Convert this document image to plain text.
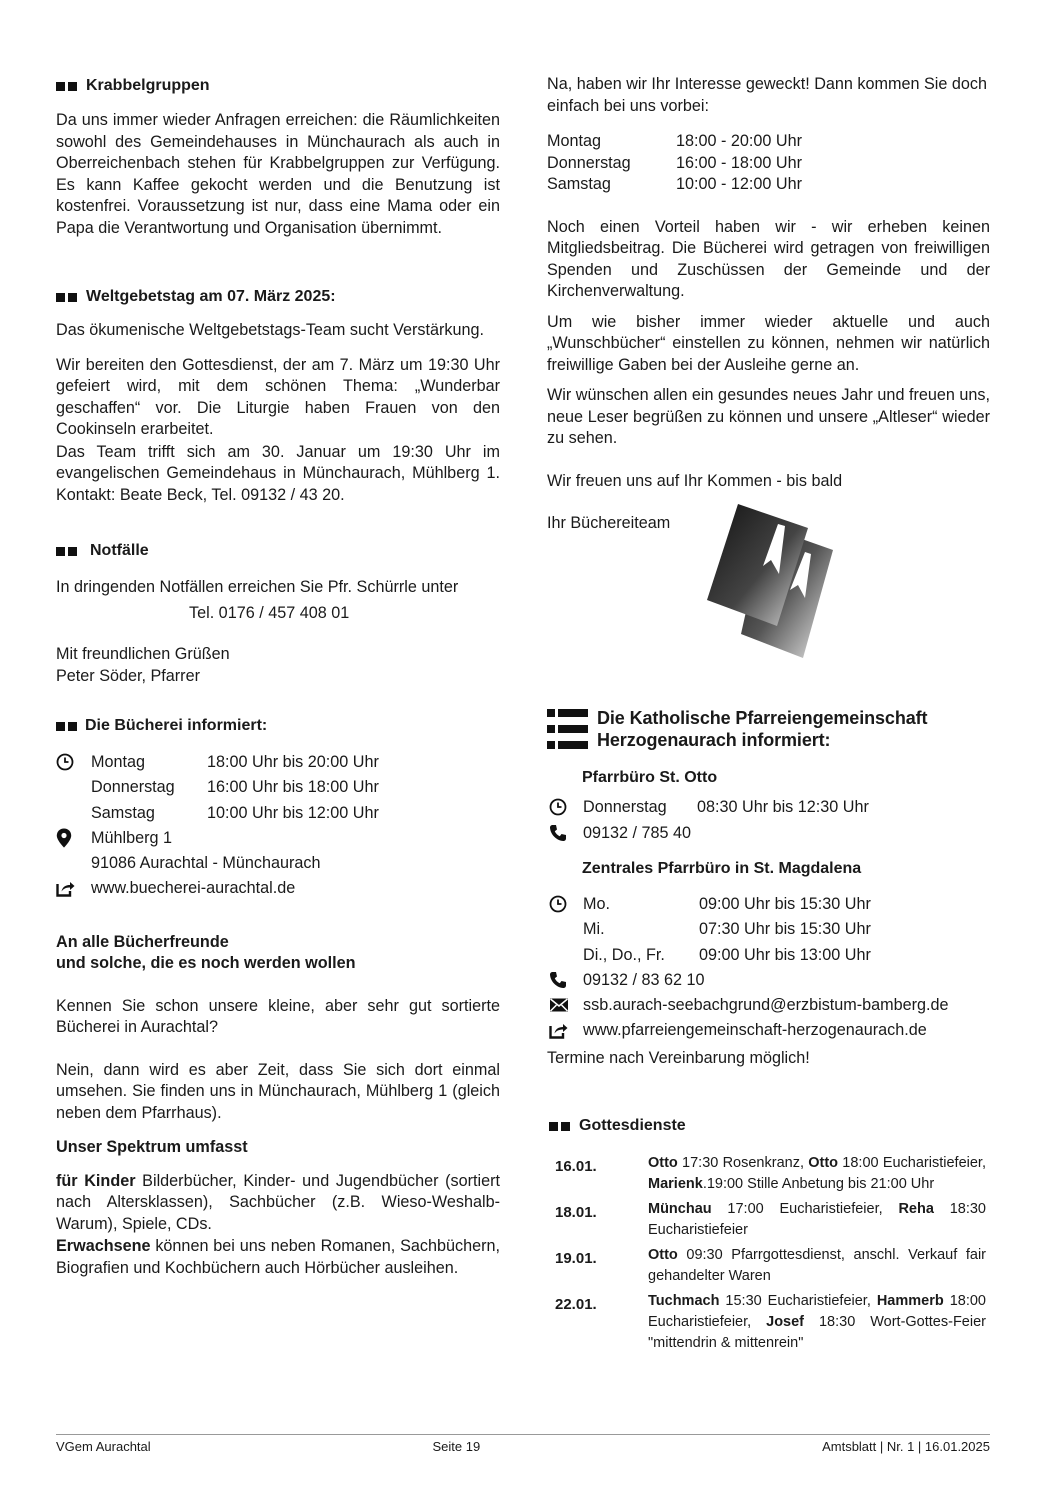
Krabbelgruppen

Da uns immer wieder Anfragen erreichen: die Räumlichkeiten sowohl des Gemeindehauses in Münchaurach als auch in Oberreichenbach stehen für Krabbelgruppen zur Verfügung. Es kann Kaffee gekocht werden und die Benutzung ist kostenfrei. Voraussetzung ist nur, dass eine Mama oder ein Papa die Verantwortung und Organisation übernimmt.

Weltgebetstag am 07. März 2025:

Das ökumenische Weltgebetstags-Team sucht Verstärkung.

Wir bereiten den Gottesdienst, der am 7. März um 19:30 Uhr gefeiert wird, mit dem schönen Thema: „Wunderbar geschaffen“ vor. Die Liturgie haben Frauen von den Cookinseln erarbeitet.

Das Team trifft sich am 30. Januar um 19:30 Uhr im evangelischen Gemeindehaus in Münchaurach, Mühlberg 1. Kontakt: Beate Beck, Tel. 09132 / 43 20.

Notfälle

In dringenden Notfällen erreichen Sie Pfr. Schürrle unter

Tel. 0176 / 457 408 01

Mit freundlichen Grüßen

Peter Söder, Pfarrer

Die Bücherei informiert:
Montag	18:00 Uhr bis 20:00 Uhr
Donnerstag	16:00 Uhr bis 18:00 Uhr
Samstag	10:00 Uhr bis 12:00 Uhr
Mühlberg 1
91086 Aurachtal - Münchaurach
www.buecherei-aurachtal.de

An alle Bücherfreunde

und solche, die es noch werden wollen

Kennen Sie schon unsere kleine, aber sehr gut sortierte Bücherei in Aurachtal?

Nein, dann wird es aber Zeit, dass Sie sich dort einmal umsehen. Sie finden uns in Münchaurach, Mühlberg 1 (gleich neben dem Pfarrhaus).

Unser Spektrum umfasst

für Kinder Bilderbücher, Kinder- und Jugendbücher (sortiert nach Altersklassen), Sachbücher (z.B. Wieso-Weshalb-Warum), Spiele, CDs.

Erwachsene können bei uns neben Romanen, Sachbüchern, Biografien und Kochbüchern auch Hörbücher ausleihen.

Na, haben wir Ihr Interesse geweckt! Dann kommen Sie doch einfach bei uns vorbei:

Montag	18:00 - 20:00 Uhr
Donnerstag	16:00 - 18:00 Uhr
Samstag	10:00 - 12:00 Uhr

Noch einen Vorteil haben wir - wir erheben keinen Mitgliedsbeitrag. Die Bücherei wird getragen von freiwilligen Spenden und Zuschüssen der Gemeinde und der Kirchenverwaltung.

Um wie bisher immer wieder aktuelle und auch „Wunschbücher“ einstellen zu können, nehmen wir natürlich freiwillige Gaben bei der Ausleihe gerne an.

Wir wünschen allen ein gesundes neues Jahr und freuen uns, neue Leser begrüßen zu können und unsere „Altleser“ wieder zu sehen.

Wir freuen uns auf Ihr Kommen - bis bald

Ihr Büchereiteam

Die Katholische Pfarreiengemeinschaft
Herzogenaurach informiert:
Pfarrbüro St. Otto
Donnerstag	08:30 Uhr bis 12:30 Uhr
09132 / 785 40
Zentrales Pfarrbüro in St. Magdalena
Mo.	09:00 Uhr bis 15:30 Uhr
Mi.	07:30 Uhr bis 15:30 Uhr
Di., Do., Fr.	09:00 Uhr bis 13:00 Uhr
09132 / 83 62 10
ssb.aurach-seebachgrund@erzbistum-bamberg.de
www.pfarreiengemeinschaft-herzogenaurach.de
Termine nach Vereinbarung möglich!
Gottesdienste
16.01.	Otto 17:30 Rosenkranz, Otto 18:00 Eucharistiefeier, Marienk.19:00 Stille Anbetung bis 21:00 Uhr
18.01.	Münchau 17:00 Eucharistiefeier, Reha 18:30 Eucharistiefeier
19.01.	Otto 09:30 Pfarrgottesdienst, anschl. Verkauf fair gehandelter Waren
22.01.	Tuchmach 15:30 Eucharistiefeier, Hammerb 18:00 Eucharistiefeier, Josef 18:30 Wort-Gottes-Feier "mittendrin & mittenrein"
VGem Aurachtal	Seite 19	Amtsblatt | Nr. 1 | 16.01.2025
